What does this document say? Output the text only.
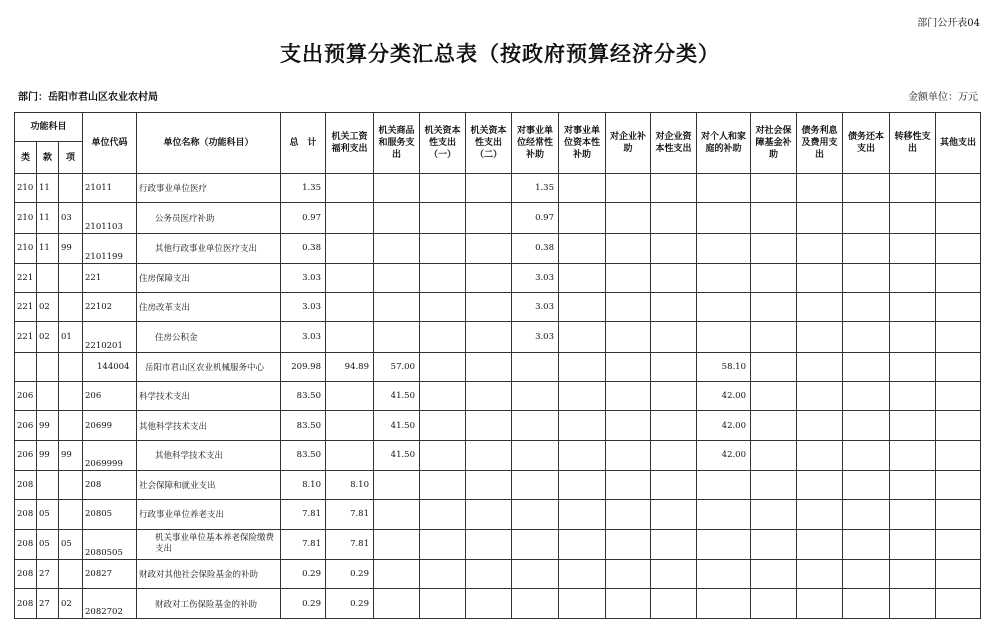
部门公开表04
支出预算分类汇总表（按政府预算经济分类）
部门：岳阳市君山区农业农村局	金额单位：万元
功能科目			单位代码	单位名称（功能科目）	总　计	机关工资福利支出	机关商品和服务支出	机关资本性支出（一）	机关资本性支出（二）	对事业单位经常性补助	对事业单位资本性补助	对企业补助	对企业资本性支出	对个人和家庭的补助	对社会保障基金补助	债务利息及费用支出	债务还本支出	转移性支出	其他支出
类	款	项																	
210	11		21011	行政事业单位医疗	1.35					1.35									
210	11	03	2101103	公务员医疗补助	0.97					0.97									
210	11	99	2101199	其他行政事业单位医疗支出	0.38					0.38									
221			221	住房保障支出	3.03					3.03									
221	02		22102	住房改革支出	3.03					3.03									
221	02	01	2210201	住房公积金	3.03					3.03									
			144004	岳阳市君山区农业机械服务中心	209.98	94.89	57.00							58.10					
206			206	科学技术支出	83.50		41.50							42.00					
206	99		20699	其他科学技术支出	83.50		41.50							42.00					
206	99	99	2069999	其他科学技术支出	83.50		41.50							42.00					
208			208	社会保障和就业支出	8.10	8.10													
208	05		20805	行政事业单位养老支出	7.81	7.81													
208	05	05	2080505	机关事业单位基本养老保险缴费支出	7.81	7.81													
208	27		20827	财政对其他社会保险基金的补助	0.29	0.29													
208	27	02	2082702	财政对工伤保险基金的补助	0.29	0.29													
